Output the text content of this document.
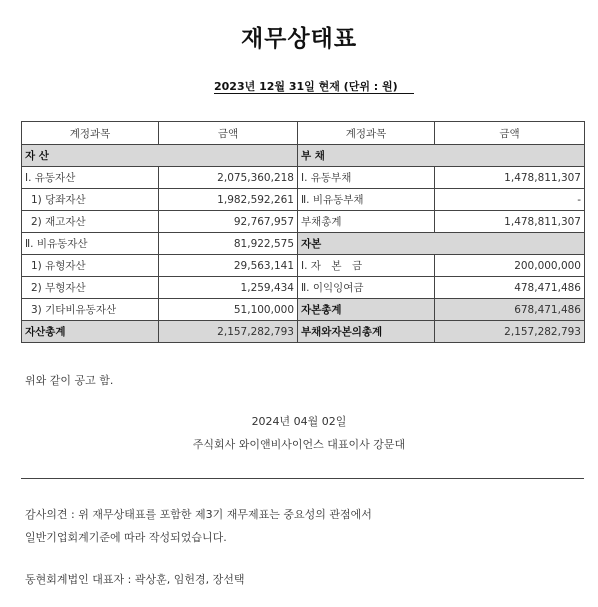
재무상태표
2023년 12월 31일 현재 (단위 : 원)
계정과목	금액	계정과목	금액
자 산		부 채	
Ⅰ. 유동자산	2,075,360,218	Ⅰ. 유동부채	1,478,811,307
1) 당좌자산	1,982,592,261	Ⅱ. 비유동부채	-
2) 재고자산	92,767,957	부채총계	1,478,811,307
Ⅱ. 비유동자산	81,922,575	자본	
1) 유형자산	29,563,141	Ⅰ. 자　본　금	200,000,000
2) 무형자산	1,259,434	Ⅱ. 이익잉여금	478,471,486
3) 기타비유동자산	51,100,000	자본총계	678,471,486
자산총계	2,157,282,793	부채와자본의총계	2,157,282,793
위와 같이 공고 함.
2024년 04월 02일
주식회사 와이앤비사이언스 대표이사 강문대
감사의견 : 위 재무상태표를 포함한 제3기 재무제표는 중요성의 관점에서
일반기업회계기준에 따라 작성되었습니다.
동현회계법인 대표자 : 곽상훈, 임헌경, 장선택
